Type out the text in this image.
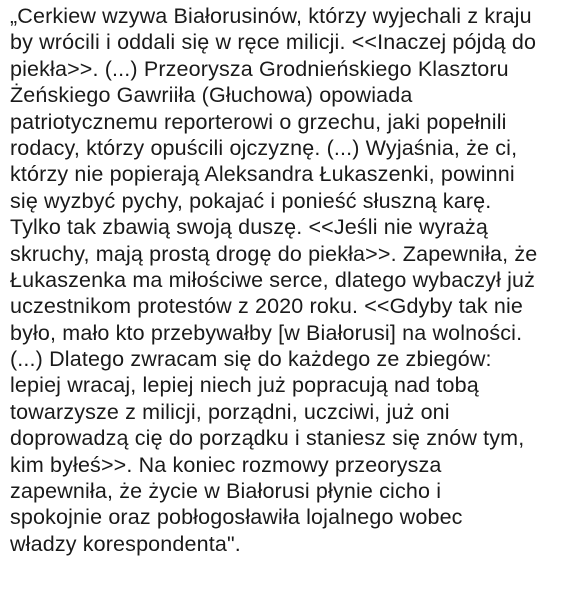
„Cerkiew wzywa Białorusinów, którzy wyjechali z kraju
by wrócili i oddali się w ręce milicji. <<Inaczej pójdą do
piekła>>. (...) Przeorysza Grodnieńskiego Klasztoru
Żeńskiego Gawriiła (Głuchowa) opowiada
patriotycznemu reporterowi o grzechu, jaki popełnili
rodacy, którzy opuścili ojczyznę. (...) Wyjaśnia, że ci,
którzy nie popierają Aleksandra Łukaszenki, powinni
się wyzbyć pychy, pokajać i ponieść słuszną karę.
Tylko tak zbawią swoją duszę. <<Jeśli nie wyrażą
skruchy, mają prostą drogę do piekła>>. Zapewniła, że
Łukaszenka ma miłościwe serce, dlatego wybaczył już
uczestnikom protestów z 2020 roku. <<Gdyby tak nie
było, mało kto przebywałby [w Białorusi] na wolności.
(...) Dlatego zwracam się do każdego ze zbiegów:
lepiej wracaj, lepiej niech już popracują nad tobą
towarzysze z milicji, porządni, uczciwi, już oni
doprowadzą cię do porządku i staniesz się znów tym,
kim byłeś>>. Na koniec rozmowy przeorysza
zapewniła, że życie w Białorusi płynie cicho i
spokojnie oraz pobłogosławiła lojalnego wobec
władzy korespondenta".
